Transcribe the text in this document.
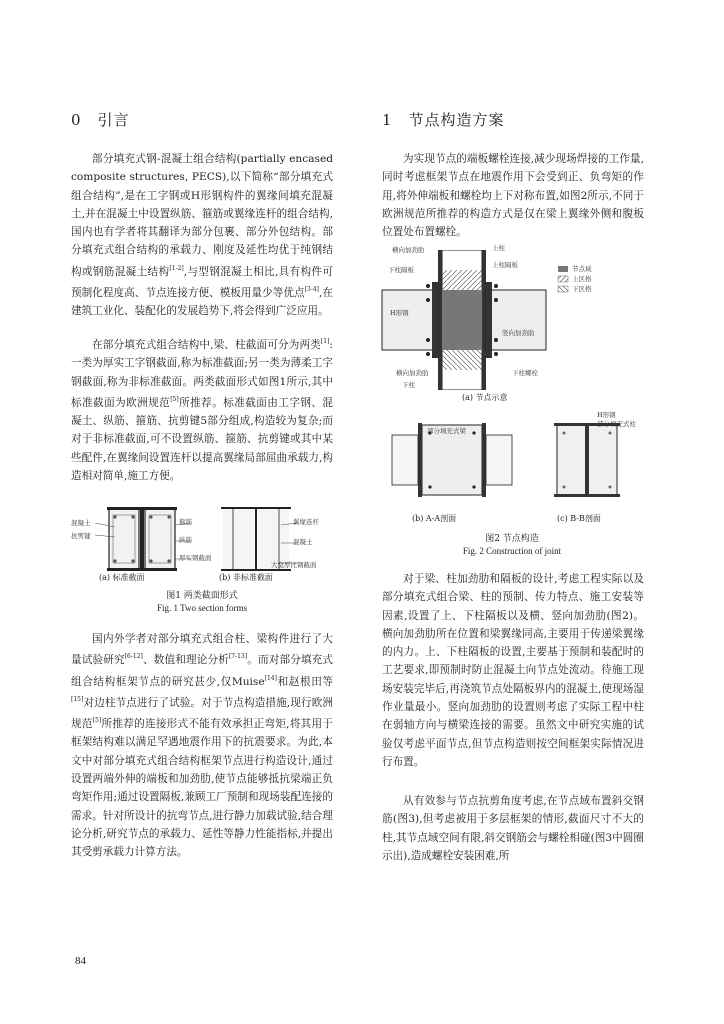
0 引言

部分填充式钢-混凝土组合结构(partially encased composite structures, PECS),以下简称“部分填充式组合结构”,是在工字钢或H形钢构件的翼缘间填充混凝土,并在混凝土中设置纵筋、箍筋或翼缘连杆的组合结构,国内也有学者将其翻译为部分包裹、部分外包结构。部分填充式组合结构的承载力、刚度及延性均优于纯钢结构或钢筋混凝土结构[1-2],与型钢混凝土相比,具有构件可预制化程度高、节点连接方便、模板用量少等优点[3-4],在建筑工业化、装配化的发展趋势下,将会得到广泛应用。

在部分填充式组合结构中,梁、柱截面可分为两类[1]:一类为厚实工字钢截面,称为标准截面;另一类为薄柔工字钢截面,称为非标准截面。两类截面形式如图1所示,其中标准截面为欧洲规范[5]所推荐。标准截面由工字钢、混凝土、纵筋、箍筋、抗剪键5部分组成,构造较为复杂;而对于非标准截面,可不设置纵筋、箍筋、抗剪键或其中某些配件,在翼缘间设置连杆以提高翼缘局部屈曲承载力,构造相对简单,施工方便。

混凝土
抗剪键
箍筋
纵筋
厚实钢截面
翼缘连杆
混凝土
大宽厚比钢截面
(a) 标准截面	(b) 非标准截面
图1 两类截面形式
Fig. 1 Two section forms

国内外学者对部分填充式组合柱、梁构件进行了大量试验研究[6-12]、数值和理论分析[7-13]。而对部分填充式组合结构框架节点的研究甚少,仅Muise[14]和赵根田等[15]对边柱节点进行了试验。对于节点构造措施,现行欧洲规范[5]所推荐的连接形式不能有效承担正弯矩,将其用于框架结构难以满足罕遇地震作用下的抗震要求。为此,本文中对部分填充式组合结构框架节点进行构造设计,通过设置两端外伸的端板和加劲肋,使节点能够抵抗梁端正负弯矩作用;通过设置隔板,兼顾工厂预制和现场装配连接的需求。针对所设计的抗弯节点,进行静力加载试验,结合理论分析,研究节点的承载力、延性等静力性能指标,并提出其受剪承载力计算方法。

1 节点构造方案

为实现节点的端板螺栓连接,减少现场焊接的工作量,同时考虑框架节点在地震作用下会受到正、负弯矩的作用,将外伸端板和螺栓均上下对称布置,如图2所示,不同于欧洲规范所推荐的构造方式是仅在梁上翼缘外侧和腹板位置处布置螺栓。

横向加劲肋	上柱
下柱隔板
上柱隔板
H形钢
竖向加劲肋
下柱
横向加劲肋	下柱螺栓
节点域
上区格
下区格
(a) 节点示意
部分填充式梁
H形钢
部分填充式柱
(b) A-A剖面	(c) B-B剖面
图2 节点构造
Fig. 2 Construction of joint

对于梁、柱加劲肋和隔板的设计,考虑工程实际以及部分填充式组合梁、柱的预制、传力特点、施工安装等因素,设置了上、下柱隔板以及横、竖向加劲肋(图2)。横向加劲肋所在位置和梁翼缘同高,主要用于传递梁翼缘的内力。上、下柱隔板的设置,主要基于预制和装配时的工艺要求,即预制时防止混凝土向节点处流动。待施工现场安装完毕后,再浇筑节点处隔板界内的混凝土,使现场湿作业量最小。竖向加劲肋的设置则考虑了实际工程中柱在弱轴方向与横梁连接的需要。虽然文中研究实施的试验仅考虑平面节点,但节点构造则按空间框架实际情况进行布置。

从有效参与节点抗剪角度考虑,在节点域布置斜交钢筋(图3),但考虑被用于多层框架的情形,截面尺寸不大的柱,其节点域空间有限,斜交钢筋会与螺栓相碰(图3中圆圈示出),造成螺栓安装困难,所

84
